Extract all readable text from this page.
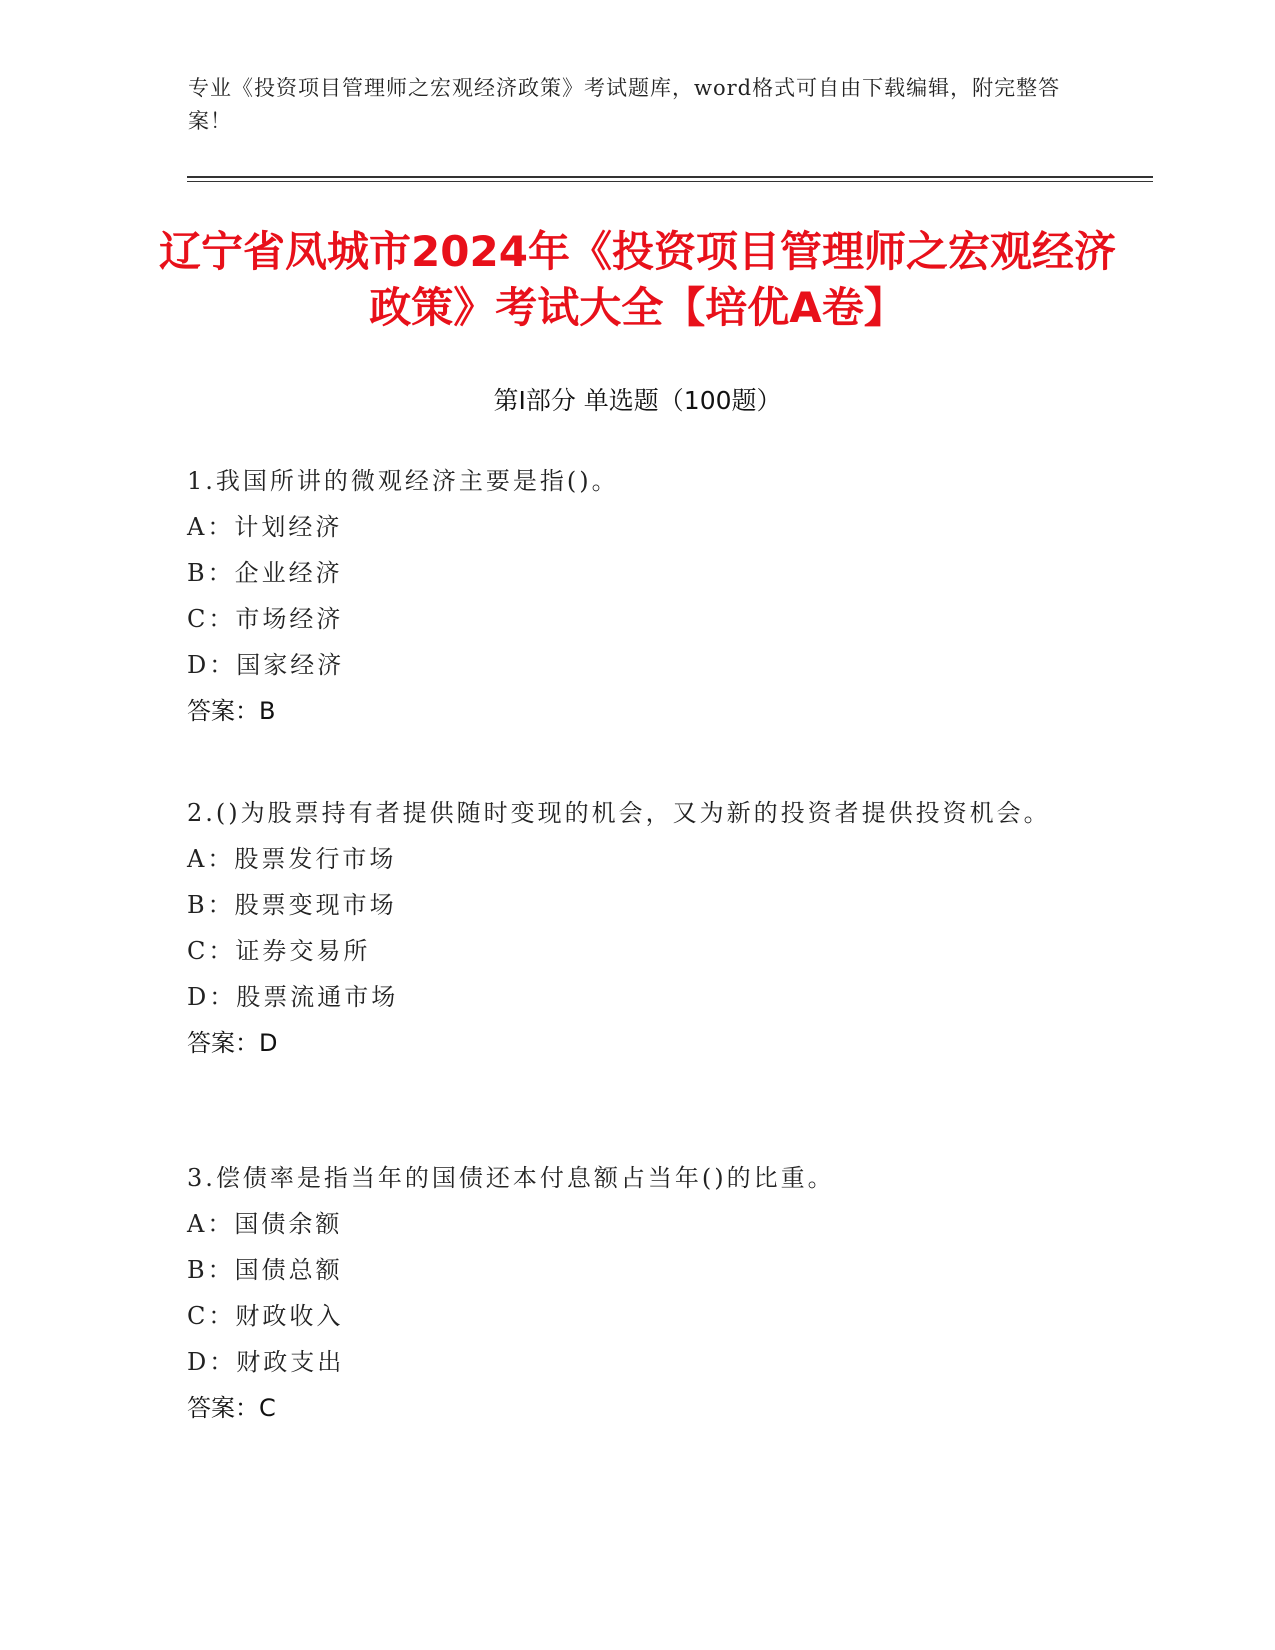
专业《投资项目管理师之宏观经济政策》考试题库，word格式可自由下载编辑，附完整答案！
辽宁省凤城市2024年《投资项目管理师之宏观经济政策》考试大全【培优A卷】
第Ⅰ部分 单选题（100题）
1.我国所讲的微观经济主要是指()。
A：计划经济
B：企业经济
C：市场经济
D：国家经济
答案：B
2.()为股票持有者提供随时变现的机会，又为新的投资者提供投资机会。
A：股票发行市场
B：股票变现市场
C：证券交易所
D：股票流通市场
答案：D
3.偿债率是指当年的国债还本付息额占当年()的比重。
A：国债余额
B：国债总额
C：财政收入
D：财政支出
答案：C
